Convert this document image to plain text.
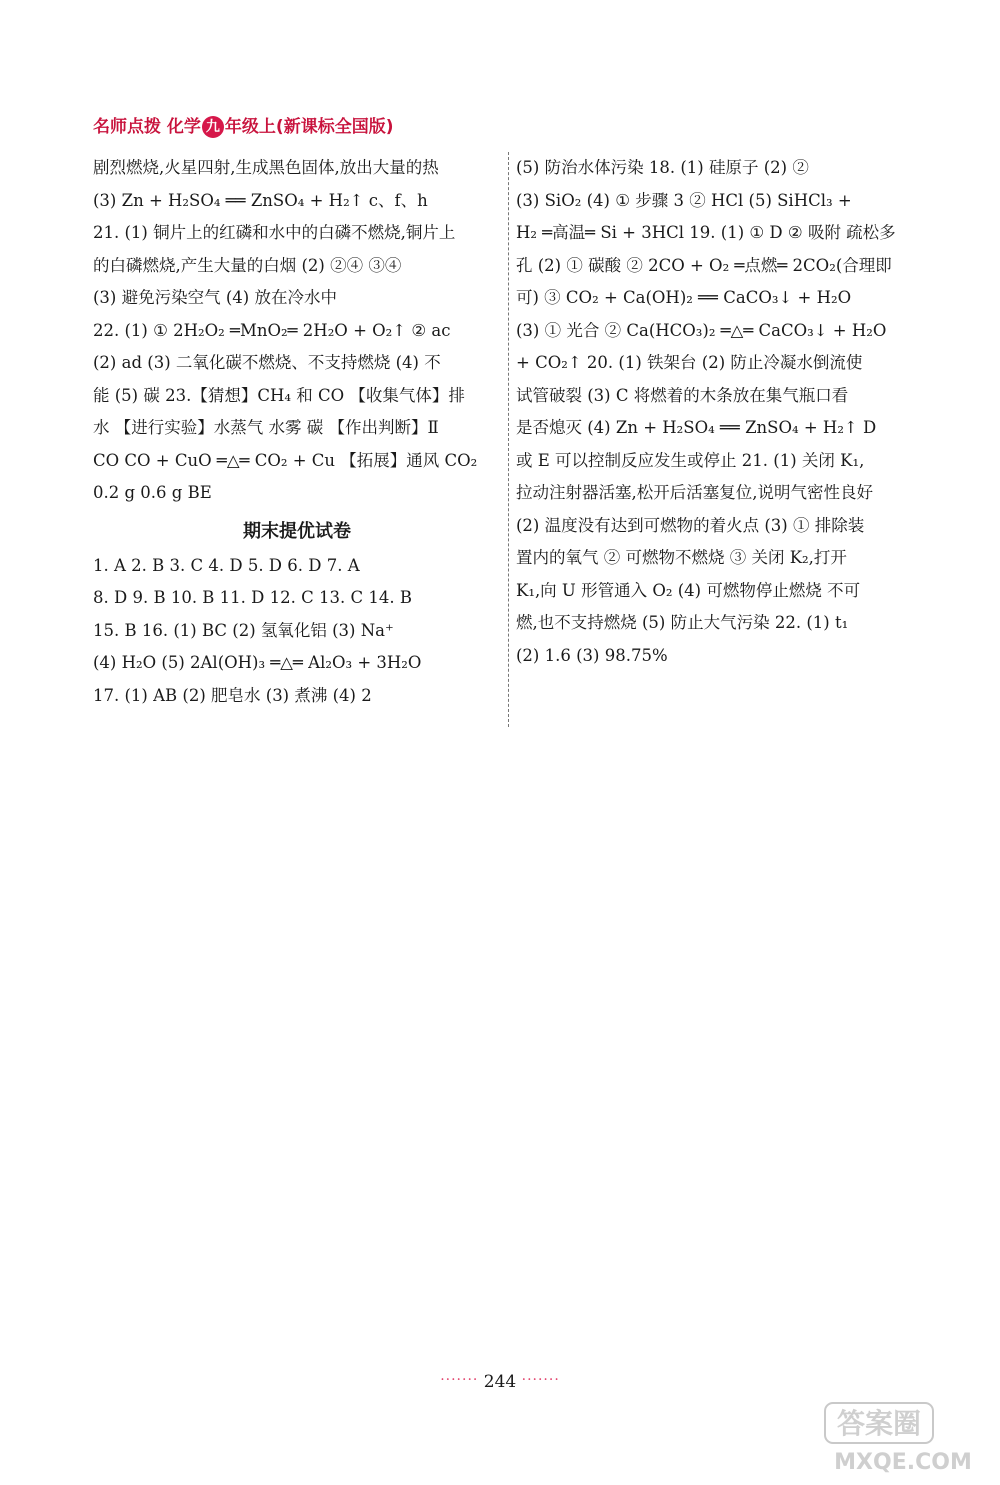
名师点拨 化学 九 年级上(新课标全国版)
剧烈燃烧,火星四射,生成黑色固体,放出大量的热
(3) Zn + H₂SO₄ ══ ZnSO₄ + H₂↑ c、f、h
21. (1) 铜片上的红磷和水中的白磷不燃烧,铜片上
的白磷燃烧,产生大量的白烟 (2) ②④ ③④
(3) 避免污染空气 (4) 放在冷水中
22. (1) ① 2H₂O₂ ═MnO₂═ 2H₂O + O₂↑ ② ac
(2) ad (3) 二氧化碳不燃烧、不支持燃烧 (4) 不
能 (5) 碳 23.【猜想】CH₄ 和 CO 【收集气体】排
水 【进行实验】水蒸气 水雾 碳 【作出判断】Ⅱ
CO CO + CuO ═△═ CO₂ + Cu 【拓展】通风 CO₂
0.2 g 0.6 g BE
期末提优试卷
1. A 2. B 3. C 4. D 5. D 6. D 7. A
8. D 9. B 10. B 11. D 12. C 13. C 14. B
15. B 16. (1) BC (2) 氢氧化铝 (3) Na⁺
(4) H₂O (5) 2Al(OH)₃ ═△═ Al₂O₃ + 3H₂O
17. (1) AB (2) 肥皂水 (3) 煮沸 (4) 2
(5) 防治水体污染 18. (1) 硅原子 (2) ②
(3) SiO₂ (4) ① 步骤 3 ② HCl (5) SiHCl₃ +
H₂ ═高温═ Si + 3HCl 19. (1) ① D ② 吸附 疏松多
孔 (2) ① 碳酸 ② 2CO + O₂ ═点燃═ 2CO₂(合理即
可) ③ CO₂ + Ca(OH)₂ ══ CaCO₃↓ + H₂O
(3) ① 光合 ② Ca(HCO₃)₂ ═△═ CaCO₃↓ + H₂O
+ CO₂↑ 20. (1) 铁架台 (2) 防止冷凝水倒流使
试管破裂 (3) C 将燃着的木条放在集气瓶口看
是否熄灭 (4) Zn + H₂SO₄ ══ ZnSO₄ + H₂↑ D
或 E 可以控制反应发生或停止 21. (1) 关闭 K₁,
拉动注射器活塞,松开后活塞复位,说明气密性良好
(2) 温度没有达到可燃物的着火点 (3) ① 排除装
置内的氧气 ② 可燃物不燃烧 ③ 关闭 K₂,打开
K₁,向 U 形管通入 O₂ (4) 可燃物停止燃烧 不可
燃,也不支持燃烧 (5) 防止大气污染 22. (1) t₁
(2) 1.6 (3) 98.75%
······· 244 ·······
答案圈
MXQE.COM
